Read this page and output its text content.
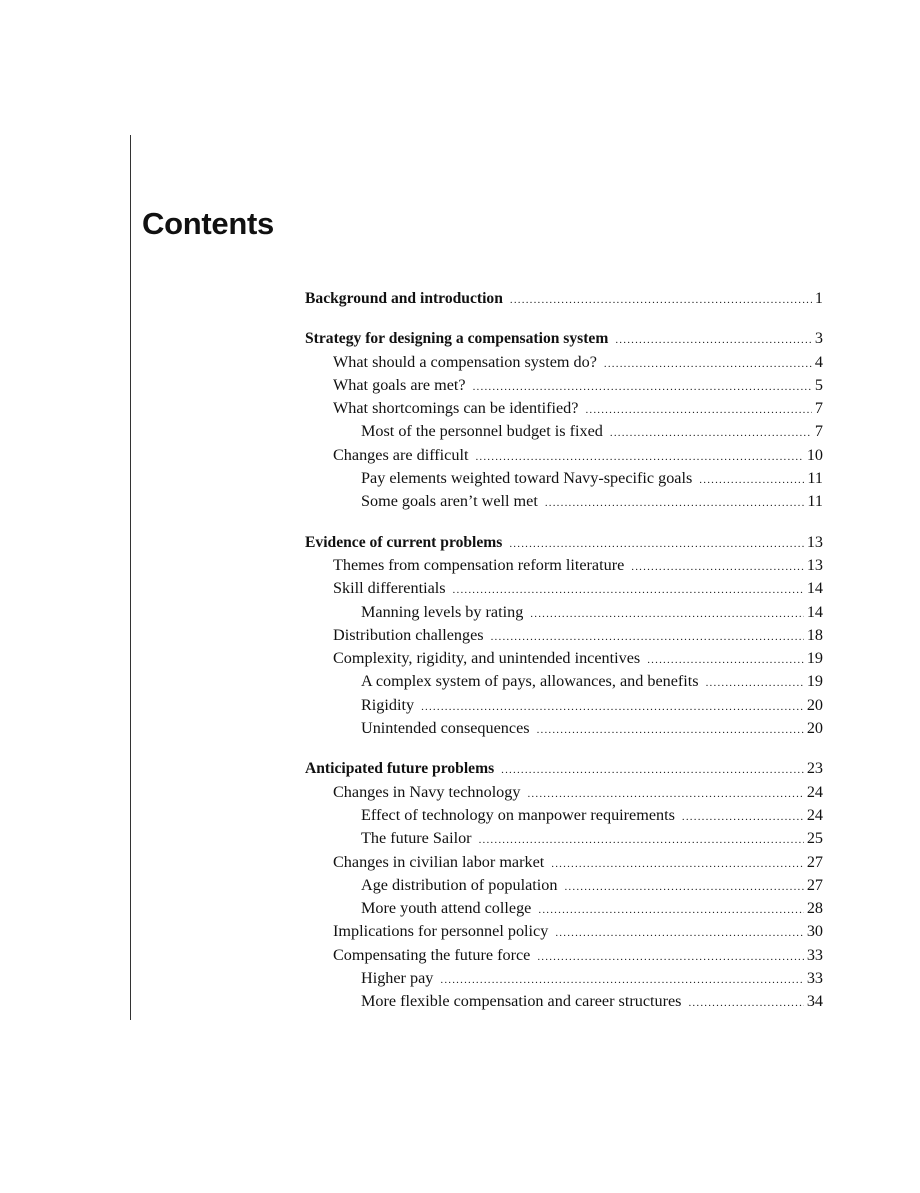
Contents
Background and introduction .....	1
Strategy for designing a compensation system .....	3
What should a compensation system do? .....	4
What goals are met? .....	5
What shortcomings can be identified? .....	7
Most of the personnel budget is fixed .....	7
Changes are difficult .....	10
Pay elements weighted toward Navy-specific goals .....	11
Some goals aren’t well met .....	11
Evidence of current problems .....	13
Themes from compensation reform literature .....	13
Skill differentials .....	14
Manning levels by rating .....	14
Distribution challenges .....	18
Complexity, rigidity, and unintended incentives .....	19
A complex system of pays, allowances, and benefits .....	19
Rigidity .....	20
Unintended consequences .....	20
Anticipated future problems .....	23
Changes in Navy technology .....	24
Effect of technology on manpower requirements .....	24
The future Sailor .....	25
Changes in civilian labor market .....	27
Age distribution of population .....	27
More youth attend college .....	28
Implications for personnel policy .....	30
Compensating the future force .....	33
Higher pay .....	33
More flexible compensation and career structures .....	34
